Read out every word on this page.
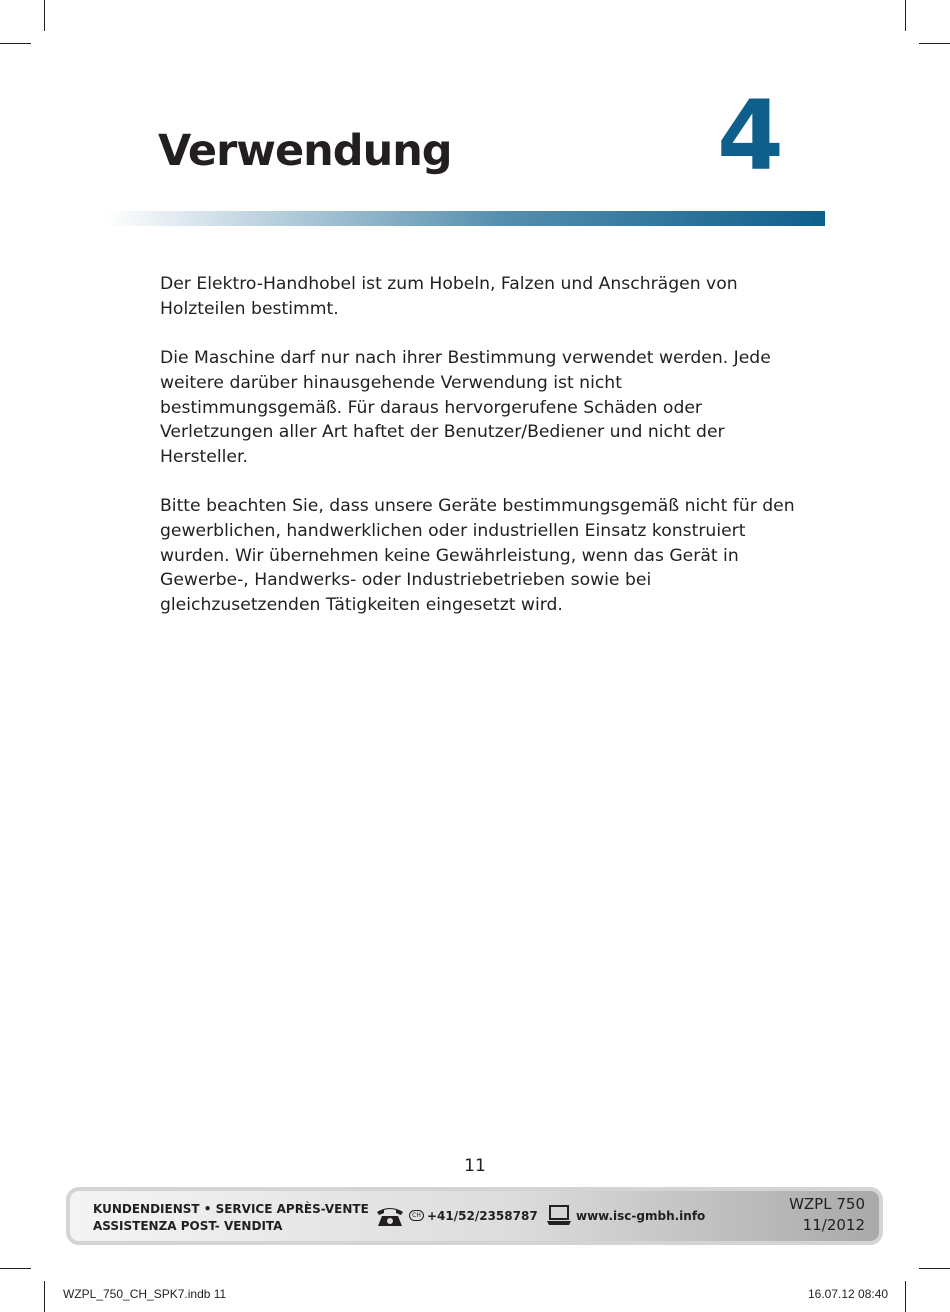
Verwendung	4

Der Elektro-Handhobel ist zum Hobeln, Falzen und Anschrägen von Holzteilen bestimmt.

Die Maschine darf nur nach ihrer Bestimmung verwendet werden. Jede weitere darüber hinausgehende Verwendung ist nicht bestimmungsgemäß. Für daraus hervorgerufene Schäden oder Verletzungen aller Art haftet der Benutzer/Bediener und nicht der Hersteller.

Bitte beachten Sie, dass unsere Geräte bestimmungsgemäß nicht für den gewerblichen, handwerklichen oder industriellen Einsatz konstruiert wurden. Wir übernehmen keine Gewährleistung, wenn das Gerät in Gewerbe-, Handwerks- oder Industriebetrieben sowie bei gleichzusetzenden Tätigkeiten eingesetzt wird.

11
KUNDENDIENST • SERVICE APRÈS-VENTE
ASSISTENZA POST- VENDITA
CH +41/52/2358787	www.isc-gmbh.info
WZPL 750
11/2012
WZPL_750_CH_SPK7.indb 11	16.07.12 08:40
